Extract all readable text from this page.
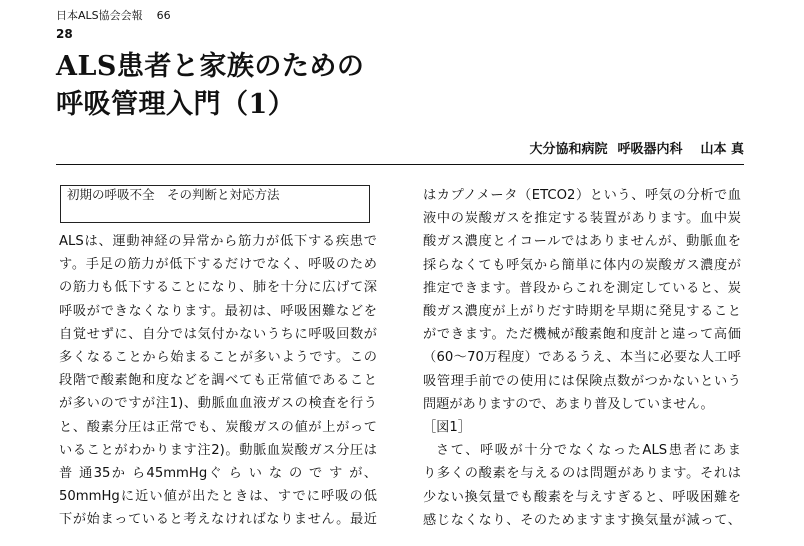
日本ALS協会会報 66
28
ALS患者と家族のための
呼吸管理入門（1）
大分協和病院 呼吸器内科 山本 真
初期の呼吸不全　その判断と対応方法
ALSは、運動神経の异常から筋力が低下する疾患で
す。手足の筋力が低下するだけでなく、呼吸のため
の筋力も低下することになり、肺を十分に広げて深
呼吸ができなくなります。最初は、呼吸困難などを
自覚せずに、自分では気付かないうちに呼吸回数が
多くなることから始まることが多いようです。この
段階で酸素飽和度などを調べても正常値であること
が多いのですが注1)、動脈血血液ガスの検査を行う
と、酸素分圧は正常でも、炭酸ガスの値が上がって
いることがわかります注2)。動脈血炭酸ガス分圧は
普 通35か ら45mmHgぐ ら い な の で す が、
50mmHgに近い値が出たときは、すでに呼吸の低
下が始まっていると考えなければなりません。最近
はカプノメータ（ETCO2）という、呼気の分析で血
液中の炭酸ガスを推定する装置があります。血中炭
酸ガス濃度とイコールではありませんが、動脈血を
採らなくても呼気から簡単に体内の炭酸ガス濃度が
推定できます。普段からこれを測定していると、炭
酸ガス濃度が上がりだす時期を早期に発見すること
ができます。ただ機械が酸素飽和度計と違って高価
（60～70万程度）であるうえ、本当に必要な人工呼
吸管理手前での使用には保険点数がつかないという
問題がありますので、あまり普及していません。
［図1］
さて、呼吸が十分でなくなったALS患者にあま
り多くの酸素を与えるのは問題があります。それは
少ない換気量でも酸素を与えすぎると、呼吸困難を
感じなくなり、そのためますます換気量が減って、
